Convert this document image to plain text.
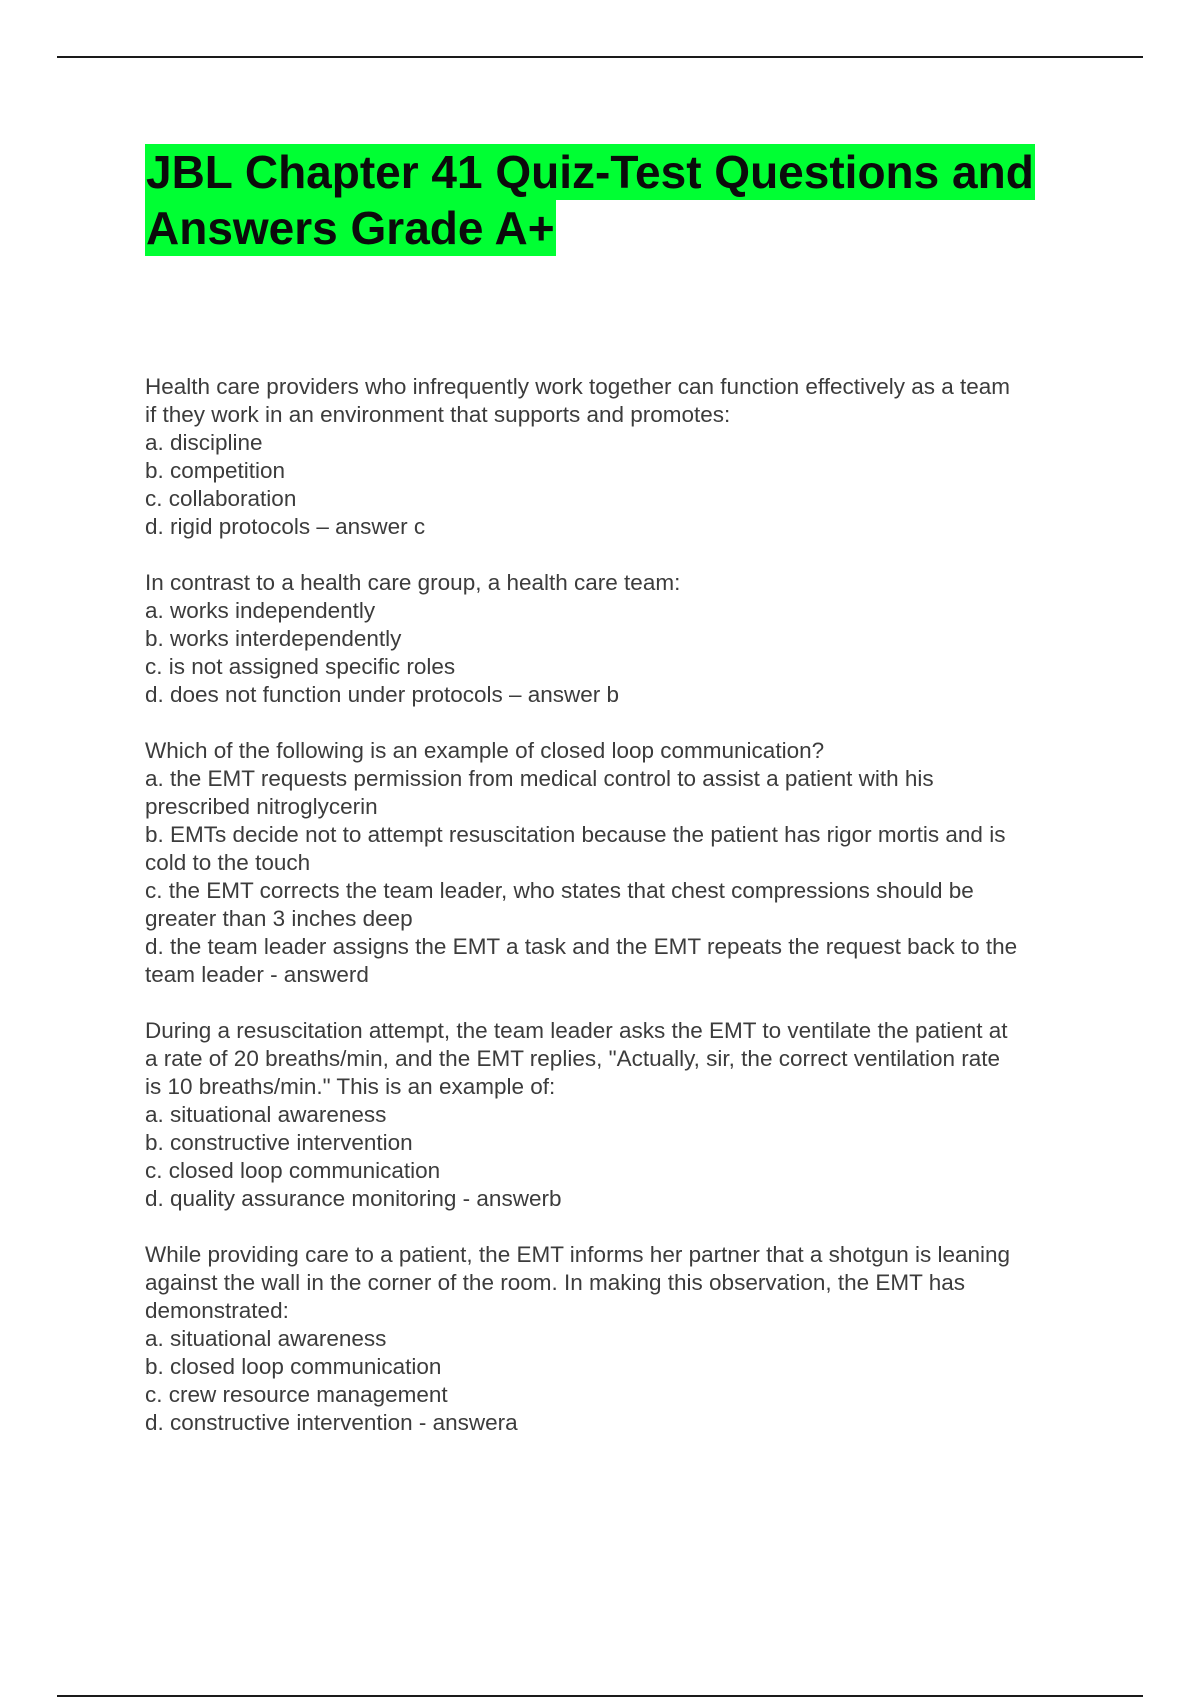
JBL Chapter 41 Quiz-Test Questions and
Answers Grade A+
Health care providers who infrequently work together can function effectively as a team
if they work in an environment that supports and promotes:
a. discipline
b. competition
c. collaboration
d. rigid protocols – answer c
In contrast to a health care group, a health care team:
a. works independently
b. works interdependently
c. is not assigned specific roles
d. does not function under protocols – answer b
Which of the following is an example of closed loop communication?
a. the EMT requests permission from medical control to assist a patient with his
prescribed nitroglycerin
b. EMTs decide not to attempt resuscitation because the patient has rigor mortis and is
cold to the touch
c. the EMT corrects the team leader, who states that chest compressions should be
greater than 3 inches deep
d. the team leader assigns the EMT a task and the EMT repeats the request back to the
team leader - answerd
During a resuscitation attempt, the team leader asks the EMT to ventilate the patient at
a rate of 20 breaths/min, and the EMT replies, "Actually, sir, the correct ventilation rate
is 10 breaths/min." This is an example of:
a. situational awareness
b. constructive intervention
c. closed loop communication
d. quality assurance monitoring - answerb
While providing care to a patient, the EMT informs her partner that a shotgun is leaning
against the wall in the corner of the room. In making this observation, the EMT has
demonstrated:
a. situational awareness
b. closed loop communication
c. crew resource management
d. constructive intervention - answera
